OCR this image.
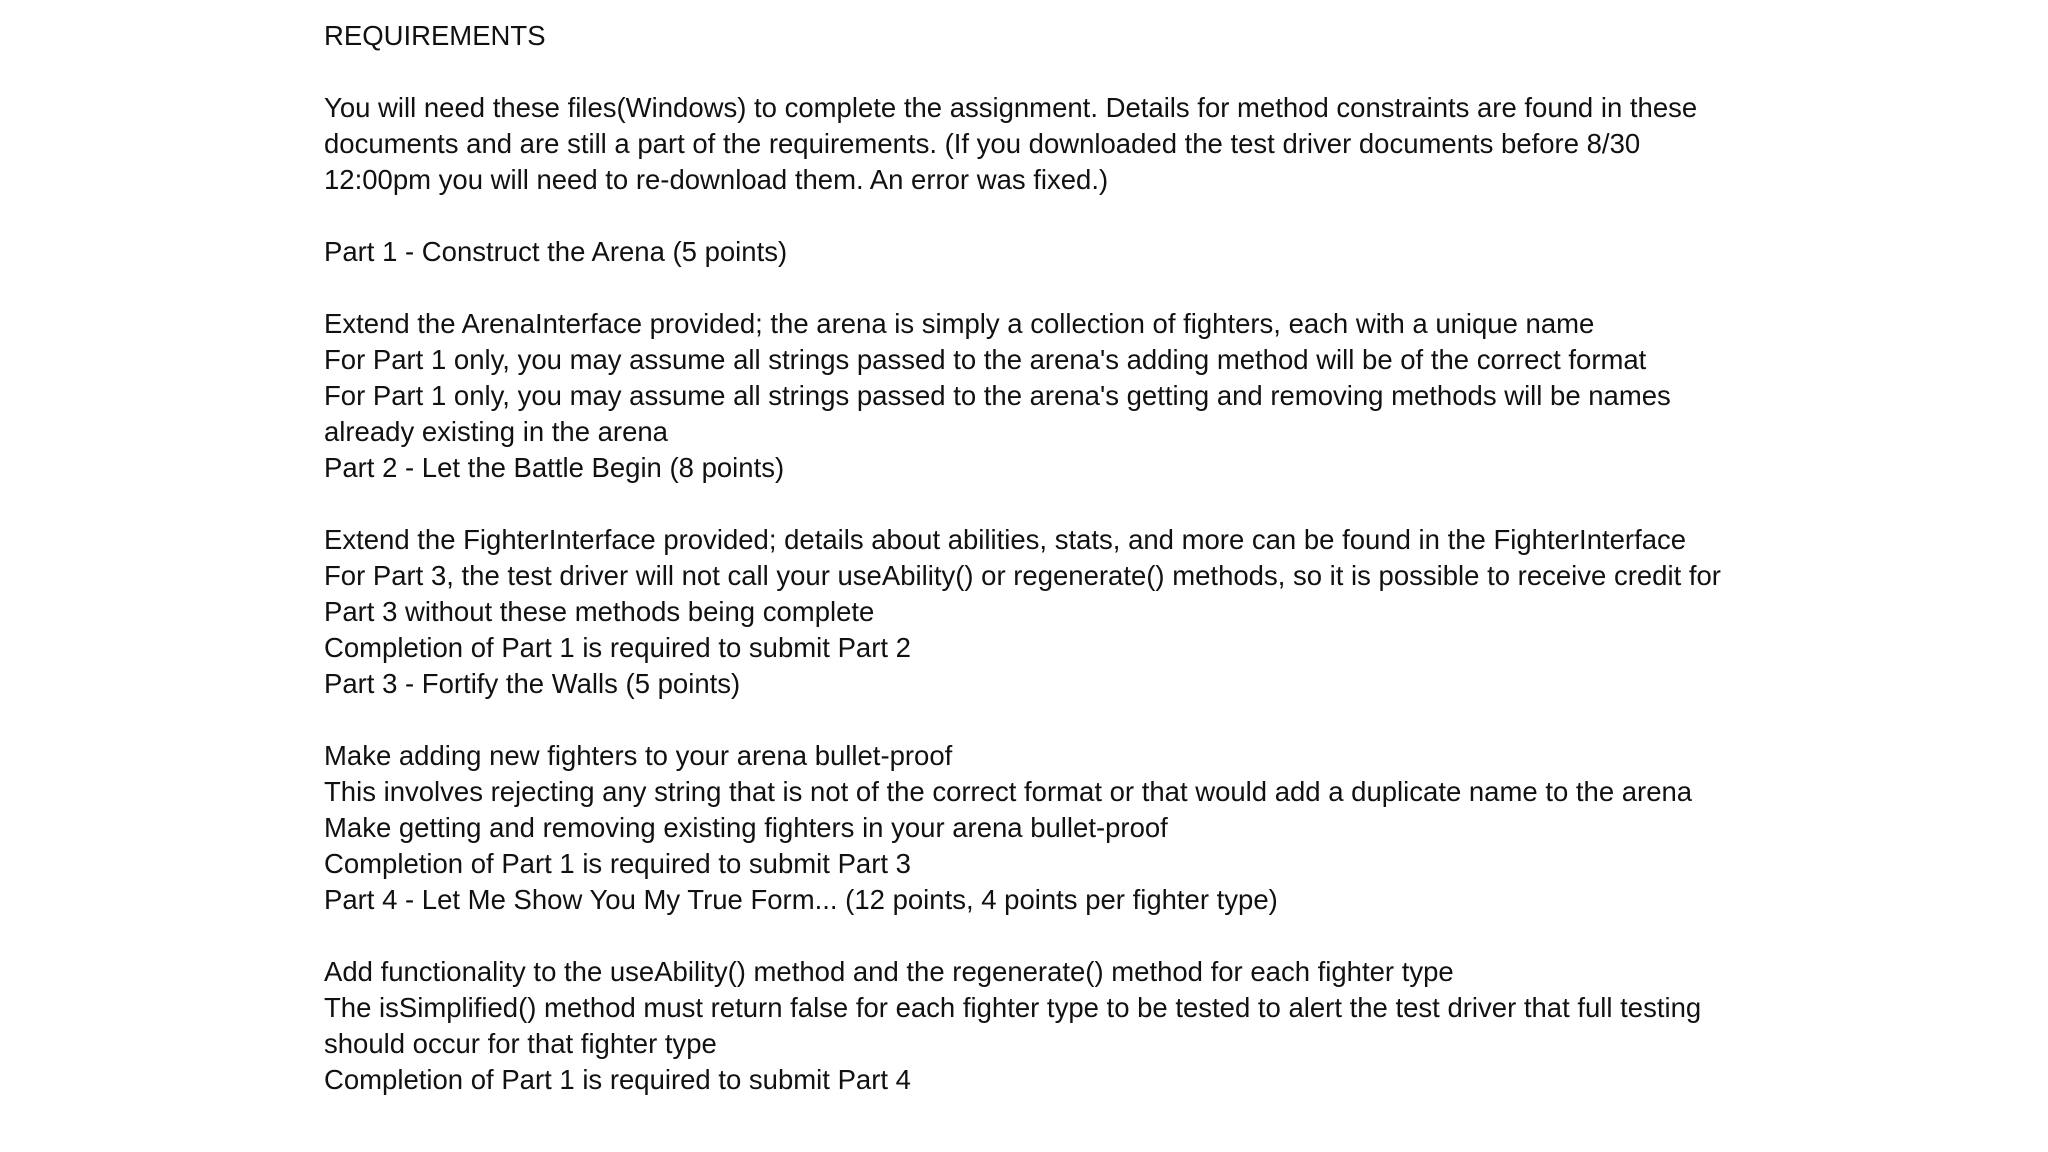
REQUIREMENTS
You will need these files(Windows) to complete the assignment. Details for method constraints are found in these
documents and are still a part of the requirements. (If you downloaded the test driver documents before 8/30
12:00pm you will need to re-download them. An error was fixed.)
Part 1 - Construct the Arena (5 points)
Extend the ArenaInterface provided; the arena is simply a collection of fighters, each with a unique name
For Part 1 only, you may assume all strings passed to the arena's adding method will be of the correct format
For Part 1 only, you may assume all strings passed to the arena's getting and removing methods will be names
already existing in the arena
Part 2 - Let the Battle Begin (8 points)
Extend the FighterInterface provided; details about abilities, stats, and more can be found in the FighterInterface
For Part 3, the test driver will not call your useAbility() or regenerate() methods, so it is possible to receive credit for
Part 3 without these methods being complete
Completion of Part 1 is required to submit Part 2
Part 3 - Fortify the Walls (5 points)
Make adding new fighters to your arena bullet-proof
This involves rejecting any string that is not of the correct format or that would add a duplicate name to the arena
Make getting and removing existing fighters in your arena bullet-proof
Completion of Part 1 is required to submit Part 3
Part 4 - Let Me Show You My True Form... (12 points, 4 points per fighter type)
Add functionality to the useAbility() method and the regenerate() method for each fighter type
The isSimplified() method must return false for each fighter type to be tested to alert the test driver that full testing
should occur for that fighter type
Completion of Part 1 is required to submit Part 4
